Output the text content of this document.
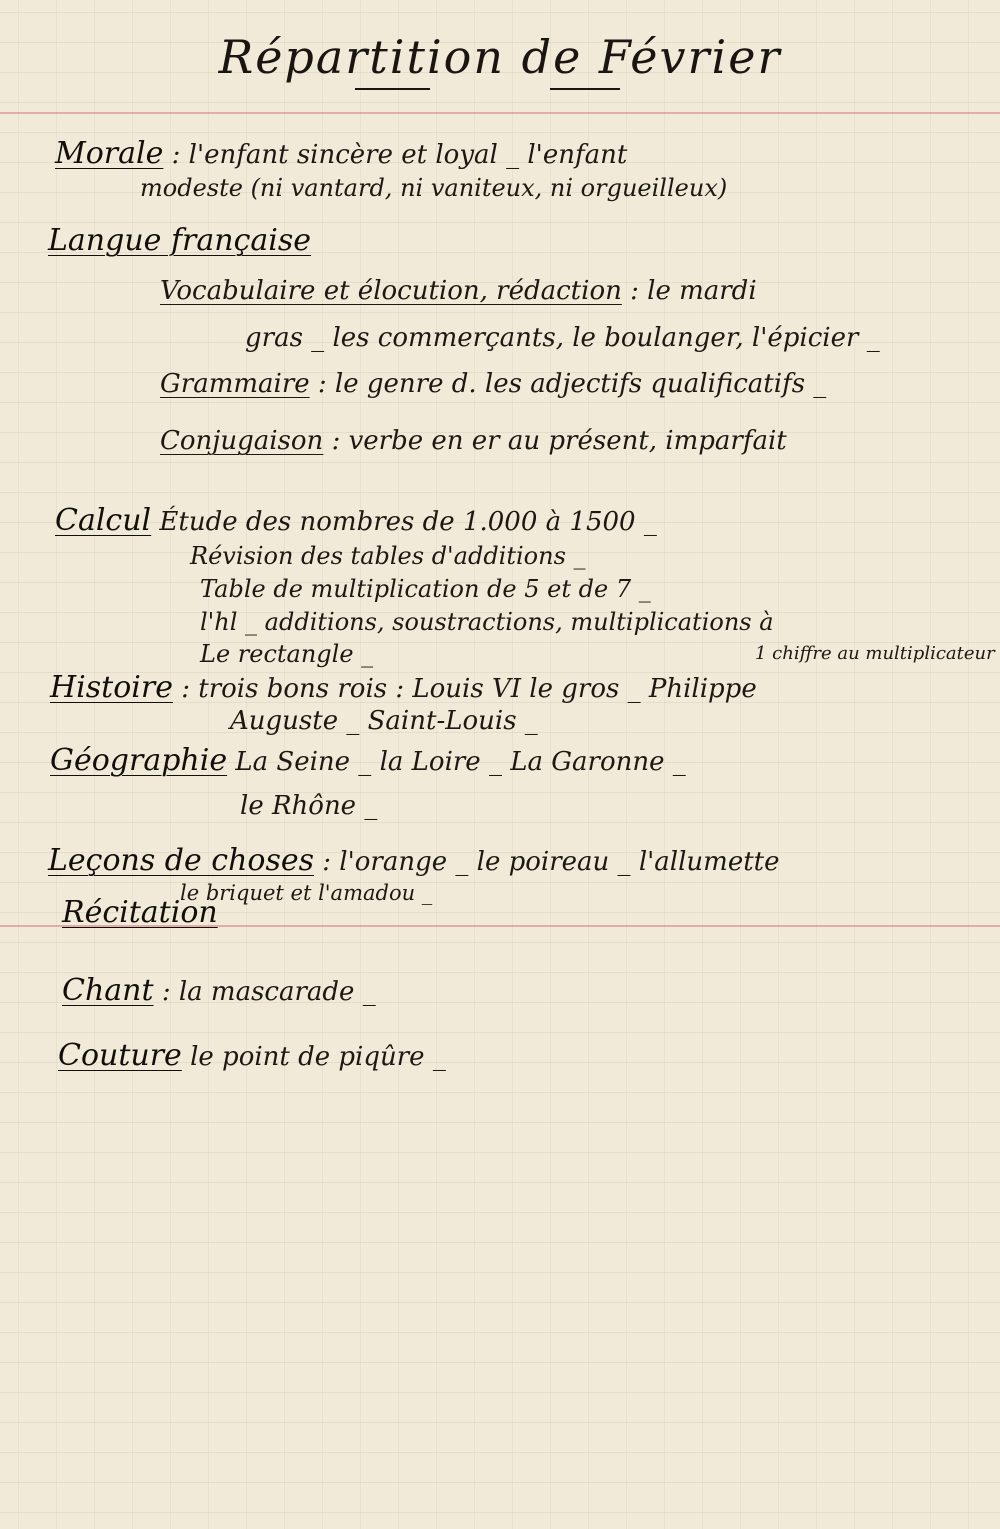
Répartition de Février
Morale : l'enfant sincère et loyal _ l'enfant
modeste (ni vantard, ni vaniteux, ni orgueilleux)
Langue française
Vocabulaire et élocution, rédaction : le mardi
gras _ les commerçants, le boulanger, l'épicier _
Grammaire : le genre d. les adjectifs qualificatifs _
Conjugaison : verbe en er au présent, imparfait
Calcul Étude des nombres de 1.000 à 1500 _
Révision des tables d'additions _
Table de multiplication de 5 et de 7 _
l'hl _ additions, soustractions, multiplications à
1 chiffre au multiplicateur
Le rectangle _
Histoire : trois bons rois : Louis VI le gros _ Philippe
Auguste _ Saint-Louis _
Géographie La Seine _ la Loire _ La Garonne _
le Rhône _
Leçons de choses : l'orange _ le poireau _ l'allumette
le briquet et l'amadou _
Récitation
Chant : la mascarade _
Couture le point de piqûre _
